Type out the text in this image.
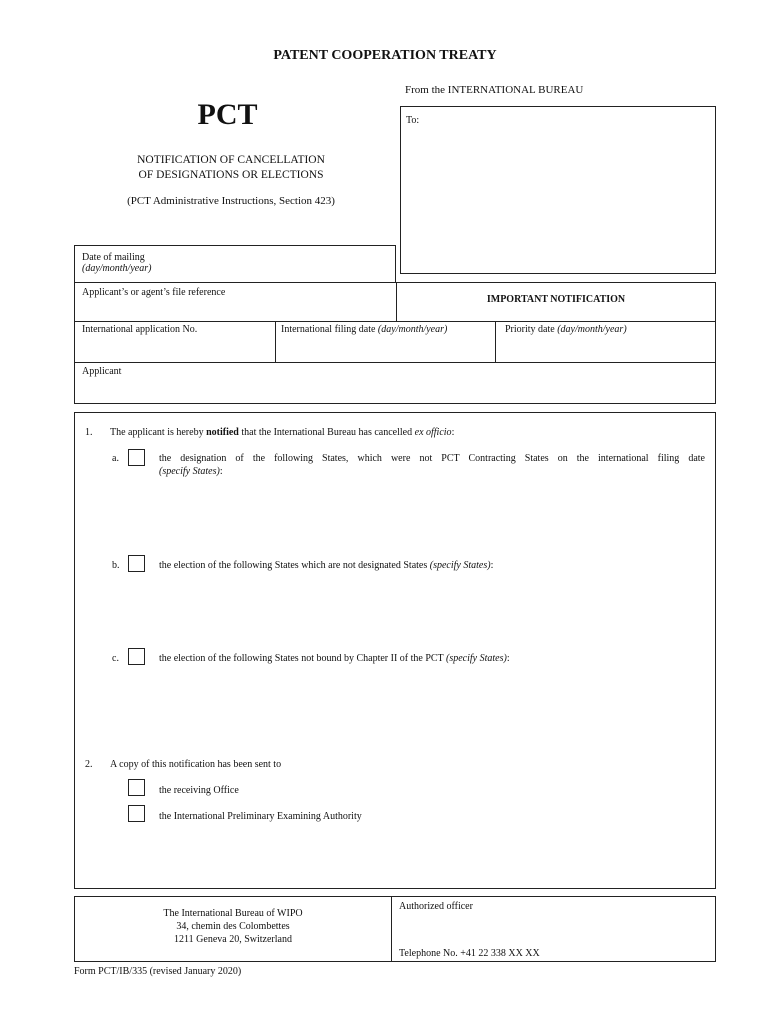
PATENT COOPERATION TREATY
From the INTERNATIONAL BUREAU
PCT
NOTIFICATION OF CANCELLATION
OF DESIGNATIONS OR ELECTIONS
(PCT Administrative Instructions, Section 423)
To:
Date of mailing
(day/month/year)
Applicant’s or agent’s file reference
IMPORTANT NOTIFICATION
International application No.	International filing date (day/month/year)	Priority date (day/month/year)
Applicant
1. The applicant is hereby notified that the International Bureau has cancelled ex officio:
a.	the designation of the following States, which were not PCT Contracting States on the international filing date
(specify States):
b.	the election of the following States which are not designated States (specify States):
c.	the election of the following States not bound by Chapter II of the PCT (specify States):
2. A copy of this notification has been sent to
the receiving Office
the International Preliminary Examining Authority
The International Bureau of WIPO
34, chemin des Colombettes
1211 Geneva 20, Switzerland
Authorized officer
Telephone No. +41 22 338 XX XX
Form PCT/IB/335 (revised January 2020)
